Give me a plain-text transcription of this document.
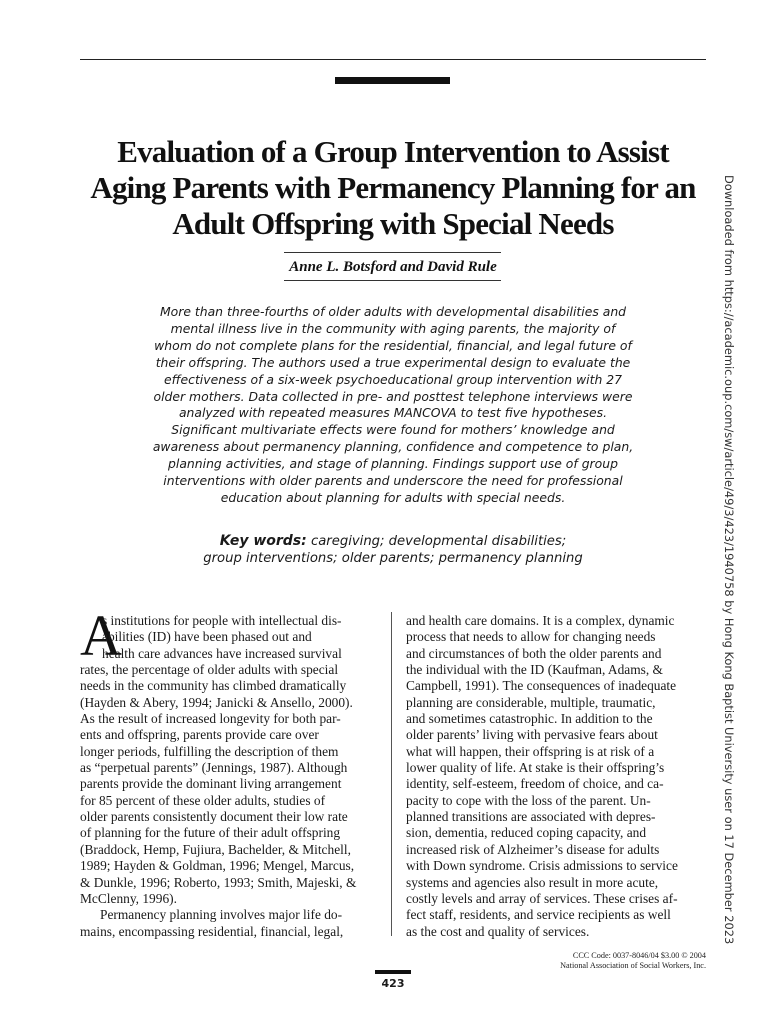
Evaluation of a Group Intervention to Assist
Aging Parents with Permanency Planning for an
Adult Offspring with Special Needs
Anne L. Botsford and David Rule
More than three-fourths of older adults with developmental disabilities and
mental illness live in the community with aging parents, the majority of
whom do not complete plans for the residential, financial, and legal future of
their offspring. The authors used a true experimental design to evaluate the
effectiveness of a six-week psychoeducational group intervention with 27
older mothers. Data collected in pre- and posttest telephone interviews were
analyzed with repeated measures MANCOVA to test five hypotheses.
Significant multivariate effects were found for mothers’ knowledge and
awareness about permanency planning, confidence and competence to plan,
planning activities, and stage of planning. Findings support use of group
interventions with older parents and underscore the need for professional
education about planning for adults with special needs.
Key words: caregiving; developmental disabilities;
group interventions; older parents; permanency planning
A
s institutions for people with intellectual dis-
abilities (ID) have been phased out and
health care advances have increased survival
rates, the percentage of older adults with special
needs in the community has climbed dramatically
(Hayden & Abery, 1994; Janicki & Ansello, 2000).
As the result of increased longevity for both par-
ents and offspring, parents provide care over
longer periods, fulfilling the description of them
as “perpetual parents” (Jennings, 1987). Although
parents provide the dominant living arrangement
for 85 percent of these older adults, studies of
older parents consistently document their low rate
of planning for the future of their adult offspring
(Braddock, Hemp, Fujiura, Bachelder, & Mitchell,
1989; Hayden & Goldman, 1996; Mengel, Marcus,
& Dunkle, 1996; Roberto, 1993; Smith, Majeski, &
McClenny, 1996).
Permanency planning involves major life do-
mains, encompassing residential, financial, legal,
and health care domains. It is a complex, dynamic
process that needs to allow for changing needs
and circumstances of both the older parents and
the individual with the ID (Kaufman, Adams, &
Campbell, 1991). The consequences of inadequate
planning are considerable, multiple, traumatic,
and sometimes catastrophic. In addition to the
older parents’ living with pervasive fears about
what will happen, their offspring is at risk of a
lower quality of life. At stake is their offspring’s
identity, self-esteem, freedom of choice, and ca-
pacity to cope with the loss of the parent. Un-
planned transitions are associated with depres-
sion, dementia, reduced coping capacity, and
increased risk of Alzheimer’s disease for adults
with Down syndrome. Crisis admissions to service
systems and agencies also result in more acute,
costly levels and array of services. These crises af-
fect staff, residents, and service recipients as well
as the cost and quality of services.
CCC Code: 0037-8046/04 $3.00 © 2004
National Association of Social Workers, Inc.
423
Downloaded from https://academic.oup.com/sw/article/49/3/423/1940758 by Hong Kong Baptist University user on 17 December 2023
